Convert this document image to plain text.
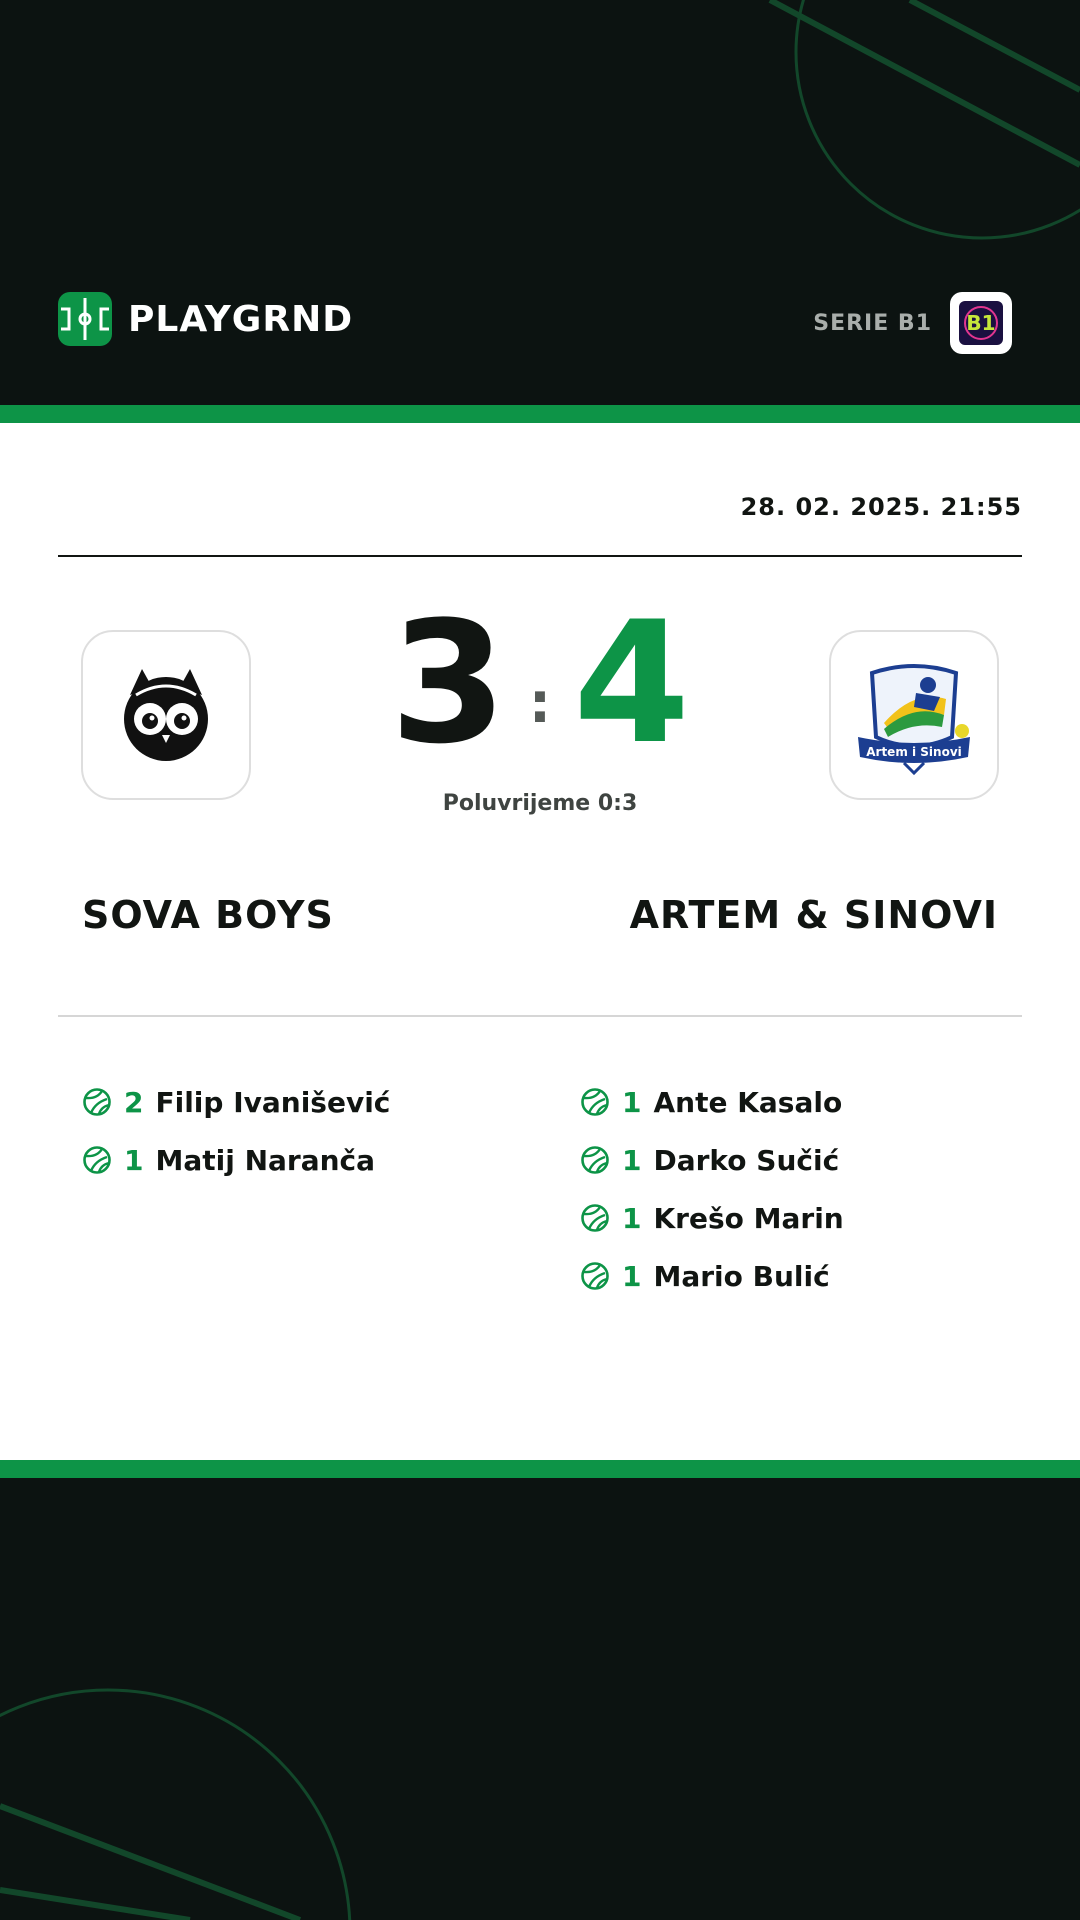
PLAYGRND	SERIE B1 B1
28. 02. 2025. 21:55
3 : 4
Poluvrijeme 0:3
Artem i Sinovi
SOVA BOYS	ARTEM & SINOVI
2 Filip Ivanišević
1 Matij Naranča
1 Ante Kasalo
1 Darko Sučić
1 Krešo Marin
1 Mario Bulić
